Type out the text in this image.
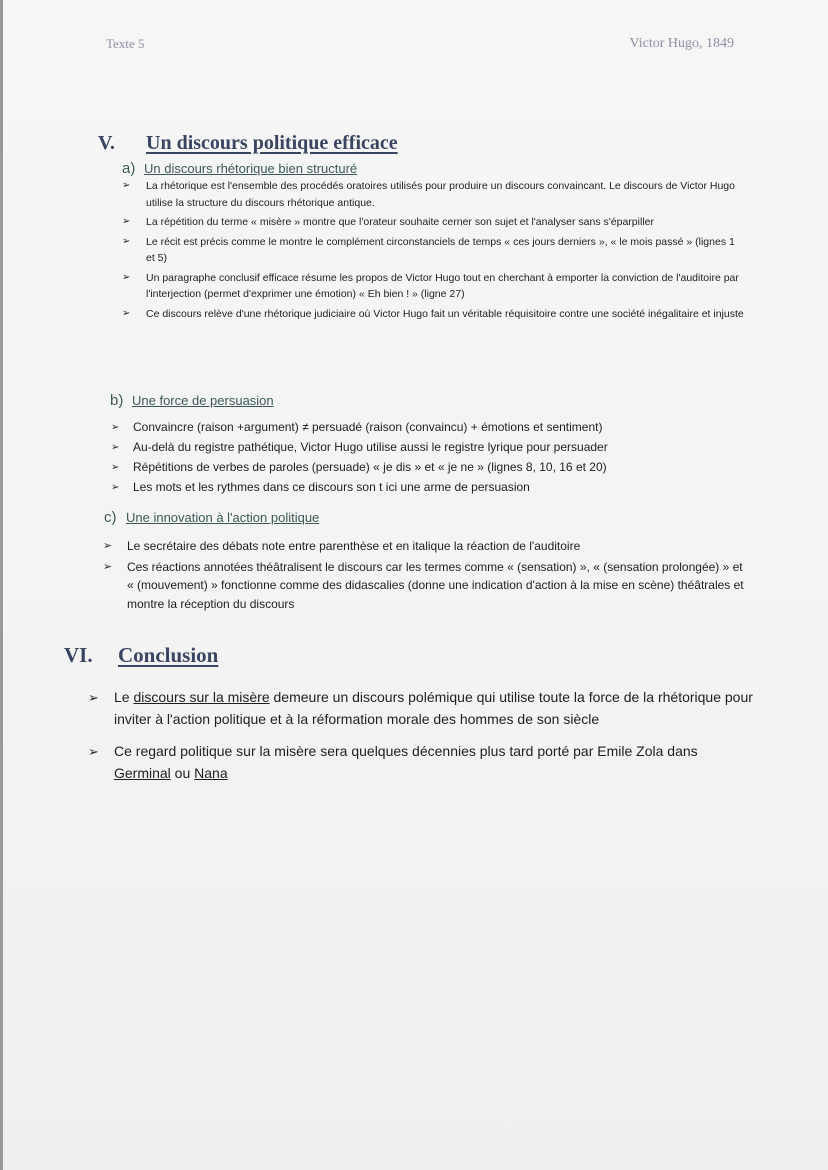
Texte 5	Victor Hugo, 1849
V. Un discours politique efficace
a) Un discours rhétorique bien structuré
➢ La rhétorique est l'ensemble des procédés oratoires utilisés pour produire un discours convaincant. Le discours de Victor Hugo utilise la structure du discours rhétorique antique.
➢ La répétition du terme « misère » montre que l'orateur souhaite cerner son sujet et l'analyser sans s'éparpiller
➢ Le récit est précis comme le montre le complément circonstanciels de temps « ces jours derniers », « le mois passé » (lignes 1 et 5)
➢ Un paragraphe conclusif efficace résume les propos de Victor Hugo tout en cherchant à emporter la conviction de l'auditoire par l'interjection (permet d'exprimer une émotion) « Eh bien ! » (ligne 27)
➢ Ce discours relève d'une rhétorique judiciaire où Victor Hugo fait un véritable réquisitoire contre une société inégalitaire et injuste
b) Une force de persuasion
➢ Convaincre (raison +argument) ≠ persuadé (raison (convaincu) + émotions et sentiment)
➢ Au-delà du registre pathétique, Victor Hugo utilise aussi le registre lyrique pour persuader
➢ Répétitions de verbes de paroles (persuade) « je dis » et « je ne » (lignes 8, 10, 16 et 20)
➢ Les mots et les rythmes dans ce discours son t ici une arme de persuasion
c) Une innovation à l'action politique
➢ Le secrétaire des débats note entre parenthèse et en italique la réaction de l'auditoire
➢ Ces réactions annotées théâtralisent le discours car les termes comme « (sensation) », « (sensation prolongée) » et « (mouvement) » fonctionne comme des didascalies (donne une indication d'action à la mise en scène) théâtrales et montre la réception du discours
VI. Conclusion
➢ Le discours sur la misère demeure un discours polémique qui utilise toute la force de la rhétorique pour inviter à l'action politique et à la réformation morale des hommes de son siècle
➢ Ce regard politique sur la misère sera quelques décennies plus tard porté par Emile Zola dans Germinal ou Nana
